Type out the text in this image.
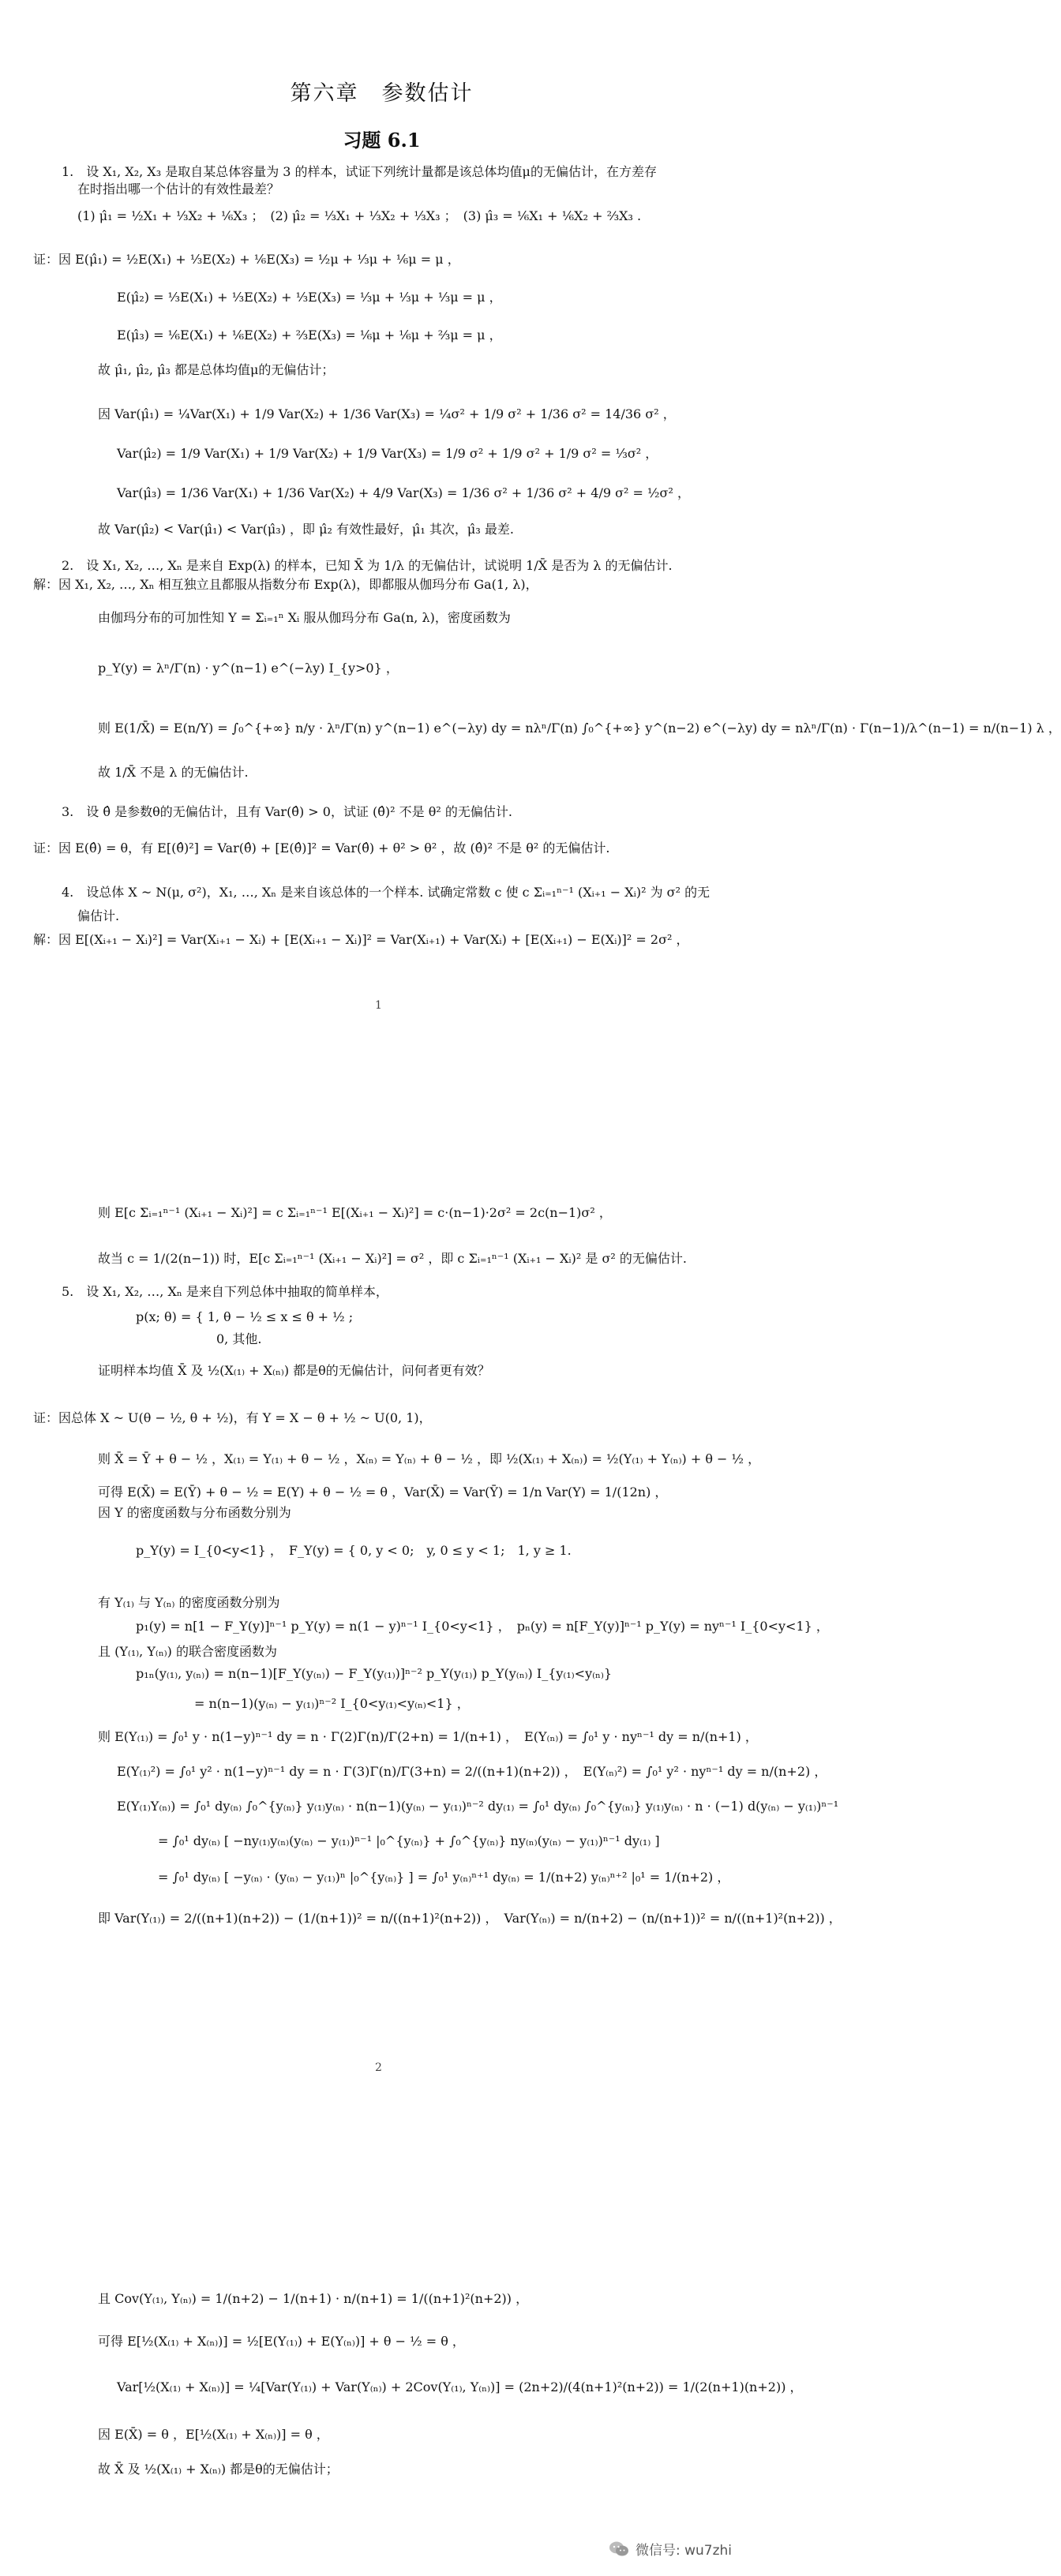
第六章　参数估计
习题 6.1
1.　设 X₁, X₂, X₃ 是取自某总体容量为 3 的样本，试证下列统计量都是该总体均值μ的无偏估计，在方差存
在时指出哪一个估计的有效性最差？
(1) μ̂₁ = ½X₁ + ⅓X₂ + ⅙X₃ ；　(2) μ̂₂ = ⅓X₁ + ⅓X₂ + ⅓X₃ ；　(3) μ̂₃ = ⅙X₁ + ⅙X₂ + ⅔X₃ .
证：因 E(μ̂₁) = ½E(X₁) + ⅓E(X₂) + ⅙E(X₃) = ½μ + ⅓μ + ⅙μ = μ ，
E(μ̂₂) = ⅓E(X₁) + ⅓E(X₂) + ⅓E(X₃) = ⅓μ + ⅓μ + ⅓μ = μ ，
E(μ̂₃) = ⅙E(X₁) + ⅙E(X₂) + ⅔E(X₃) = ⅙μ + ⅙μ + ⅔μ = μ ，
故 μ̂₁, μ̂₂, μ̂₃ 都是总体均值μ的无偏估计；
因 Var(μ̂₁) = ¼Var(X₁) + 1/9 Var(X₂) + 1/36 Var(X₃) = ¼σ² + 1/9 σ² + 1/36 σ² = 14/36 σ² ，
Var(μ̂₂) = 1/9 Var(X₁) + 1/9 Var(X₂) + 1/9 Var(X₃) = 1/9 σ² + 1/9 σ² + 1/9 σ² = ⅓σ² ，
Var(μ̂₃) = 1/36 Var(X₁) + 1/36 Var(X₂) + 4/9 Var(X₃) = 1/36 σ² + 1/36 σ² + 4/9 σ² = ½σ² ，
故 Var(μ̂₂) < Var(μ̂₁) < Var(μ̂₃) ，即 μ̂₂ 有效性最好，μ̂₁ 其次，μ̂₃ 最差.
2.　设 X₁, X₂, …, Xₙ 是来自 Exp(λ) 的样本，已知 X̄ 为 1/λ 的无偏估计，试说明 1/X̄ 是否为 λ 的无偏估计.
解：因 X₁, X₂, …, Xₙ 相互独立且都服从指数分布 Exp(λ)，即都服从伽玛分布 Ga(1, λ)，
由伽玛分布的可加性知 Y = Σᵢ₌₁ⁿ Xᵢ 服从伽玛分布 Ga(n, λ)，密度函数为
p_Y(y) = λⁿ/Γ(n) · y^(n−1) e^(−λy) I_{y>0} ，
则 E(1/X̄) = E(n/Y) = ∫₀^{+∞} n/y · λⁿ/Γ(n) y^(n−1) e^(−λy) dy = nλⁿ/Γ(n) ∫₀^{+∞} y^(n−2) e^(−λy) dy = nλⁿ/Γ(n) · Γ(n−1)/λ^(n−1) = n/(n−1) λ ，
故 1/X̄ 不是 λ 的无偏估计.
3.　设 θ̂ 是参数θ的无偏估计，且有 Var(θ̂) > 0，试证 (θ̂)² 不是 θ² 的无偏估计.
证：因 E(θ̂) = θ，有 E[(θ̂)²] = Var(θ̂) + [E(θ̂)]² = Var(θ̂) + θ² > θ² ，故 (θ̂)² 不是 θ² 的无偏估计.
4.　设总体 X ~ N(μ, σ²)，X₁, …, Xₙ 是来自该总体的一个样本. 试确定常数 c 使 c Σᵢ₌₁ⁿ⁻¹ (Xᵢ₊₁ − Xᵢ)² 为 σ² 的无
偏估计.
解：因 E[(Xᵢ₊₁ − Xᵢ)²] = Var(Xᵢ₊₁ − Xᵢ) + [E(Xᵢ₊₁ − Xᵢ)]² = Var(Xᵢ₊₁) + Var(Xᵢ) + [E(Xᵢ₊₁) − E(Xᵢ)]² = 2σ² ，
1
则 E[c Σᵢ₌₁ⁿ⁻¹ (Xᵢ₊₁ − Xᵢ)²] = c Σᵢ₌₁ⁿ⁻¹ E[(Xᵢ₊₁ − Xᵢ)²] = c·(n−1)·2σ² = 2c(n−1)σ² ，
故当 c = 1/(2(n−1)) 时，E[c Σᵢ₌₁ⁿ⁻¹ (Xᵢ₊₁ − Xᵢ)²] = σ² ，即 c Σᵢ₌₁ⁿ⁻¹ (Xᵢ₊₁ − Xᵢ)² 是 σ² 的无偏估计.
5.　设 X₁, X₂, …, Xₙ 是来自下列总体中抽取的简单样本，
p(x; θ) = { 1, θ − ½ ≤ x ≤ θ + ½ ;
0, 其他.
证明样本均值 X̄ 及 ½(X₍₁₎ + X₍ₙ₎) 都是θ的无偏估计，问何者更有效？
证：因总体 X ~ U(θ − ½, θ + ½)，有 Y = X − θ + ½ ~ U(0, 1)，
则 X̄ = Ȳ + θ − ½ ，X₍₁₎ = Y₍₁₎ + θ − ½ ，X₍ₙ₎ = Y₍ₙ₎ + θ − ½ ，即 ½(X₍₁₎ + X₍ₙ₎) = ½(Y₍₁₎ + Y₍ₙ₎) + θ − ½ ，
可得 E(X̄) = E(Ȳ) + θ − ½ = E(Y) + θ − ½ = θ ，Var(X̄) = Var(Ȳ) = 1/n Var(Y) = 1/(12n) ，
因 Y 的密度函数与分布函数分别为
p_Y(y) = I_{0<y<1} ，　F_Y(y) = { 0, y < 0;　y, 0 ≤ y < 1;　1, y ≥ 1.
有 Y₍₁₎ 与 Y₍ₙ₎ 的密度函数分别为
p₁(y) = n[1 − F_Y(y)]ⁿ⁻¹ p_Y(y) = n(1 − y)ⁿ⁻¹ I_{0<y<1} ，　pₙ(y) = n[F_Y(y)]ⁿ⁻¹ p_Y(y) = nyⁿ⁻¹ I_{0<y<1} ，
且 (Y₍₁₎, Y₍ₙ₎) 的联合密度函数为
p₁ₙ(y₍₁₎, y₍ₙ₎) = n(n−1)[F_Y(y₍ₙ₎) − F_Y(y₍₁₎)]ⁿ⁻² p_Y(y₍₁₎) p_Y(y₍ₙ₎) I_{y₍₁₎<y₍ₙ₎}
= n(n−1)(y₍ₙ₎ − y₍₁₎)ⁿ⁻² I_{0<y₍₁₎<y₍ₙ₎<1} ，
则 E(Y₍₁₎) = ∫₀¹ y · n(1−y)ⁿ⁻¹ dy = n · Γ(2)Γ(n)/Γ(2+n) = 1/(n+1) ，　E(Y₍ₙ₎) = ∫₀¹ y · nyⁿ⁻¹ dy = n/(n+1) ，
E(Y₍₁₎²) = ∫₀¹ y² · n(1−y)ⁿ⁻¹ dy = n · Γ(3)Γ(n)/Γ(3+n) = 2/((n+1)(n+2)) ，　E(Y₍ₙ₎²) = ∫₀¹ y² · nyⁿ⁻¹ dy = n/(n+2) ，
E(Y₍₁₎Y₍ₙ₎) = ∫₀¹ dy₍ₙ₎ ∫₀^{y₍ₙ₎} y₍₁₎y₍ₙ₎ · n(n−1)(y₍ₙ₎ − y₍₁₎)ⁿ⁻² dy₍₁₎ = ∫₀¹ dy₍ₙ₎ ∫₀^{y₍ₙ₎} y₍₁₎y₍ₙ₎ · n · (−1) d(y₍ₙ₎ − y₍₁₎)ⁿ⁻¹
= ∫₀¹ dy₍ₙ₎ [ −ny₍₁₎y₍ₙ₎(y₍ₙ₎ − y₍₁₎)ⁿ⁻¹ |₀^{y₍ₙ₎} + ∫₀^{y₍ₙ₎} ny₍ₙ₎(y₍ₙ₎ − y₍₁₎)ⁿ⁻¹ dy₍₁₎ ]
= ∫₀¹ dy₍ₙ₎ [ −y₍ₙ₎ · (y₍ₙ₎ − y₍₁₎)ⁿ |₀^{y₍ₙ₎} ] = ∫₀¹ y₍ₙ₎ⁿ⁺¹ dy₍ₙ₎ = 1/(n+2) y₍ₙ₎ⁿ⁺² |₀¹ = 1/(n+2) ，
即 Var(Y₍₁₎) = 2/((n+1)(n+2)) − (1/(n+1))² = n/((n+1)²(n+2)) ，　Var(Y₍ₙ₎) = n/(n+2) − (n/(n+1))² = n/((n+1)²(n+2)) ，
2
且 Cov(Y₍₁₎, Y₍ₙ₎) = 1/(n+2) − 1/(n+1) · n/(n+1) = 1/((n+1)²(n+2)) ，
可得 E[½(X₍₁₎ + X₍ₙ₎)] = ½[E(Y₍₁₎) + E(Y₍ₙ₎)] + θ − ½ = θ ，
Var[½(X₍₁₎ + X₍ₙ₎)] = ¼[Var(Y₍₁₎) + Var(Y₍ₙ₎) + 2Cov(Y₍₁₎, Y₍ₙ₎)] = (2n+2)/(4(n+1)²(n+2)) = 1/(2(n+1)(n+2)) ，
因 E(X̄) = θ ，E[½(X₍₁₎ + X₍ₙ₎)] = θ ，
故 X̄ 及 ½(X₍₁₎ + X₍ₙ₎) 都是θ的无偏估计；
微信号: wu7zhi
